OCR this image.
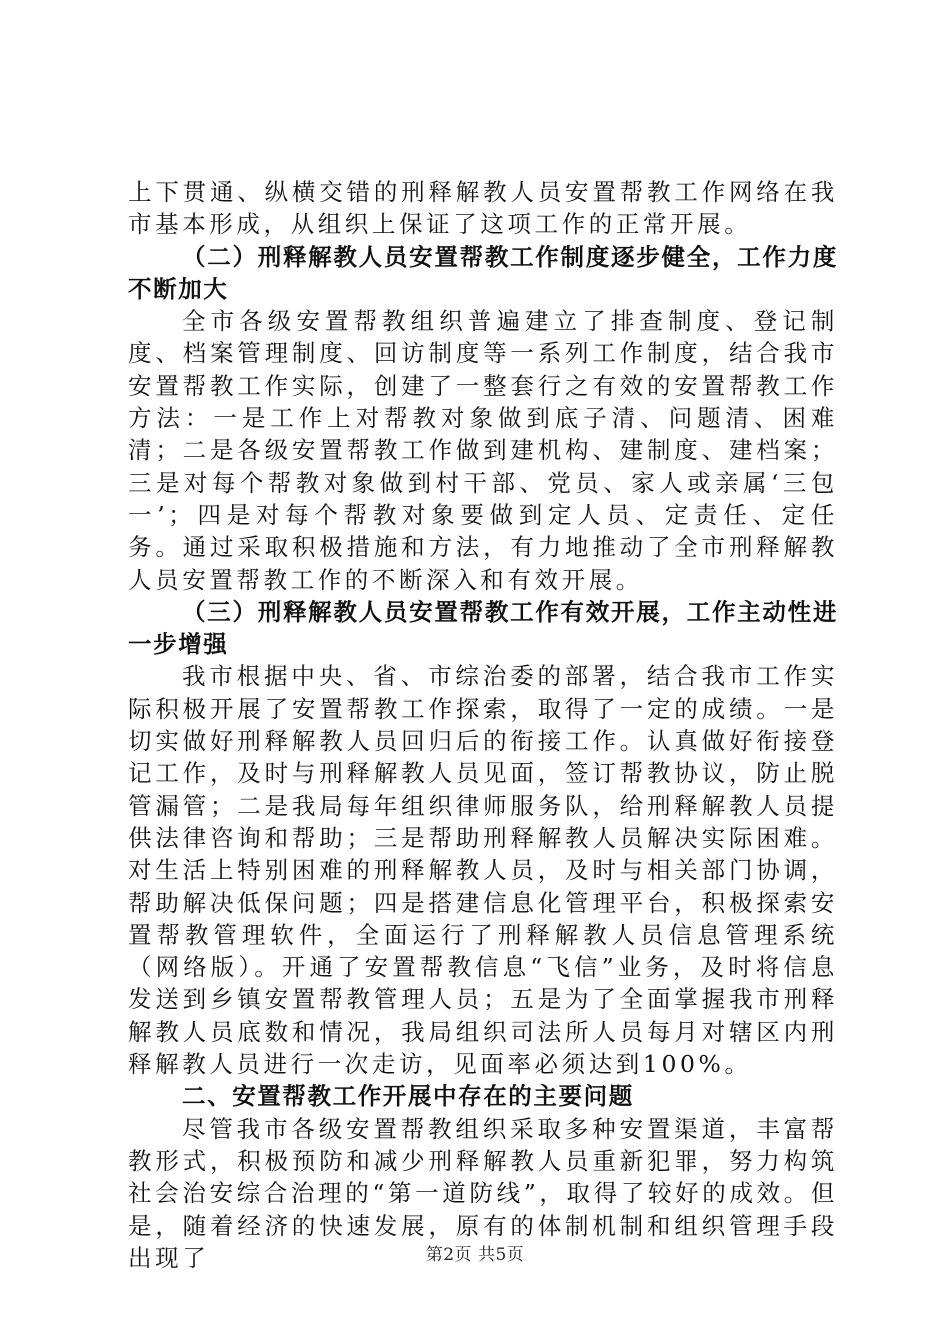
上下贯通、纵横交错的刑释解教人员安置帮教工作网络在我市基本形成，从组织上保证了这项工作的正常开展。

（二）刑释解教人员安置帮教工作制度逐步健全，工作力度不断加大

全市各级安置帮教组织普遍建立了排查制度、登记制度、档案管理制度、回访制度等一系列工作制度，结合我市安置帮教工作实际，创建了一整套行之有效的安置帮教工作方法：一是工作上对帮教对象做到底子清、问题清、困难清；二是各级安置帮教工作做到建机构、建制度、建档案；三是对每个帮教对象做到村干部、党员、家人或亲属‘三包一’；四是对每个帮教对象要做到定人员、定责任、定任务。通过采取积极措施和方法，有力地推动了全市刑释解教人员安置帮教工作的不断深入和有效开展。

（三）刑释解教人员安置帮教工作有效开展，工作主动性进一步增强

我市根据中央、省、市综治委的部署，结合我市工作实际积极开展了安置帮教工作探索，取得了一定的成绩。一是切实做好刑释解教人员回归后的衔接工作。认真做好衔接登记工作，及时与刑释解教人员见面，签订帮教协议，防止脱管漏管；二是我局每年组织律师服务队，给刑释解教人员提供法律咨询和帮助；三是帮助刑释解教人员解决实际困难。对生活上特别困难的刑释解教人员，及时与相关部门协调，帮助解决低保问题；四是搭建信息化管理平台，积极探索安置帮教管理软件，全面运行了刑释解教人员信息管理系统（网络版）。开通了安置帮教信息“飞信”业务，及时将信息发送到乡镇安置帮教管理人员；五是为了全面掌握我市刑释解教人员底数和情况，我局组织司法所人员每月对辖区内刑释解教人员进行一次走访，见面率必须达到100%。

二、安置帮教工作开展中存在的主要问题

尽管我市各级安置帮教组织采取多种安置渠道，丰富帮教形式，积极预防和减少刑释解教人员重新犯罪，努力构筑社会治安综合治理的“第一道防线”，取得了较好的成效。但是，随着经济的快速发展，原有的体制机制和组织管理手段出现了	第2页 共5页
